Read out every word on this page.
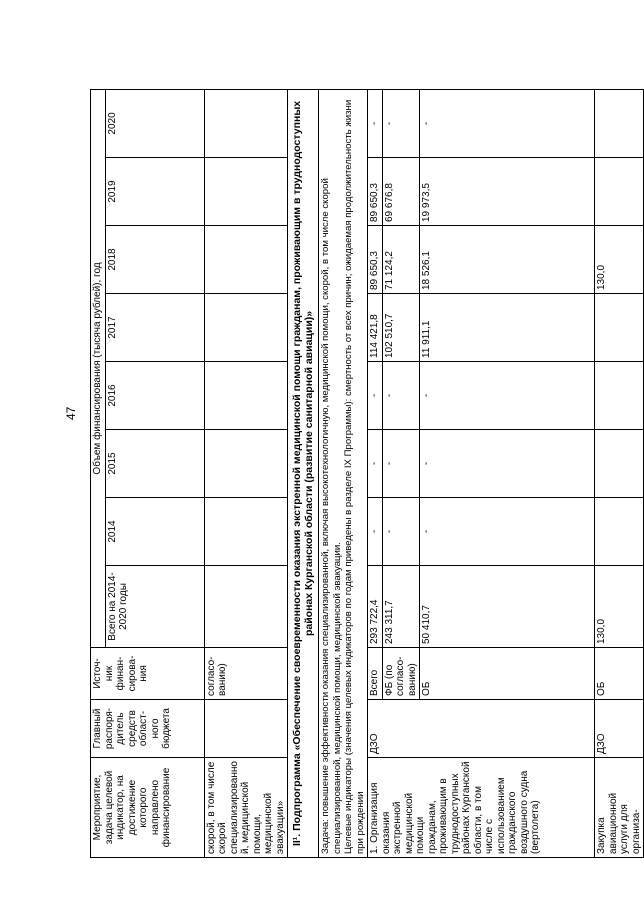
47
Мероприятие, задача целевой индикатор, на достижение которого направлено финансирование	Главный распоря-дитель средств област-ного бюджета	Источ-ник финан-сирова-ния	Объем финансирования (тысяча рублей), год							
			Всего на 2014-2020 годы	2014	2015	2016	2017	2018	2019	2020
скорой, в том числе скорой специализированной, медицинской помощи, медицинской эвакуации»		согласо-ванию)								
II¹. Подпрограмма «Обеспечение своевременности оказания экстренной медицинской помощи гражданам, проживающим в труднодоступных районах Курганской области (развитие санитарной авиации)»										

Задача: повышение эффективности оказания специализированной, включая высокотехнологичную, медицинской помощи, скорой, в том числе скорой специализированной, медицинской помощи, медицинской эвакуации. Целевые индикаторы (значения целевых индикаторов по годам приведены в разделе IX Программы): смертность от всех причин; ожидаемая продолжительность жизни при рождении										

1. Организация оказания экстренной медицинской помощи гражданам, проживающим в труднодоступных районах Курганской области, в том числе с использованием гражданского воздушного судна (вертолета)	ДЗО	Всего	293 722,4	-	-	-	114 421,8	89 650,3	89 650,3	-
		ФБ (по согласо-ванию)	243 311,7	-	-	-	102 510,7	71 124,2	69 676,8	-
		ОБ	50 410,7	-	-	-	11 911,1	18 526,1	19 973,5	-
Закупка авиационной услуги для организа-	ДЗО	ОБ	130,0					130,0		
